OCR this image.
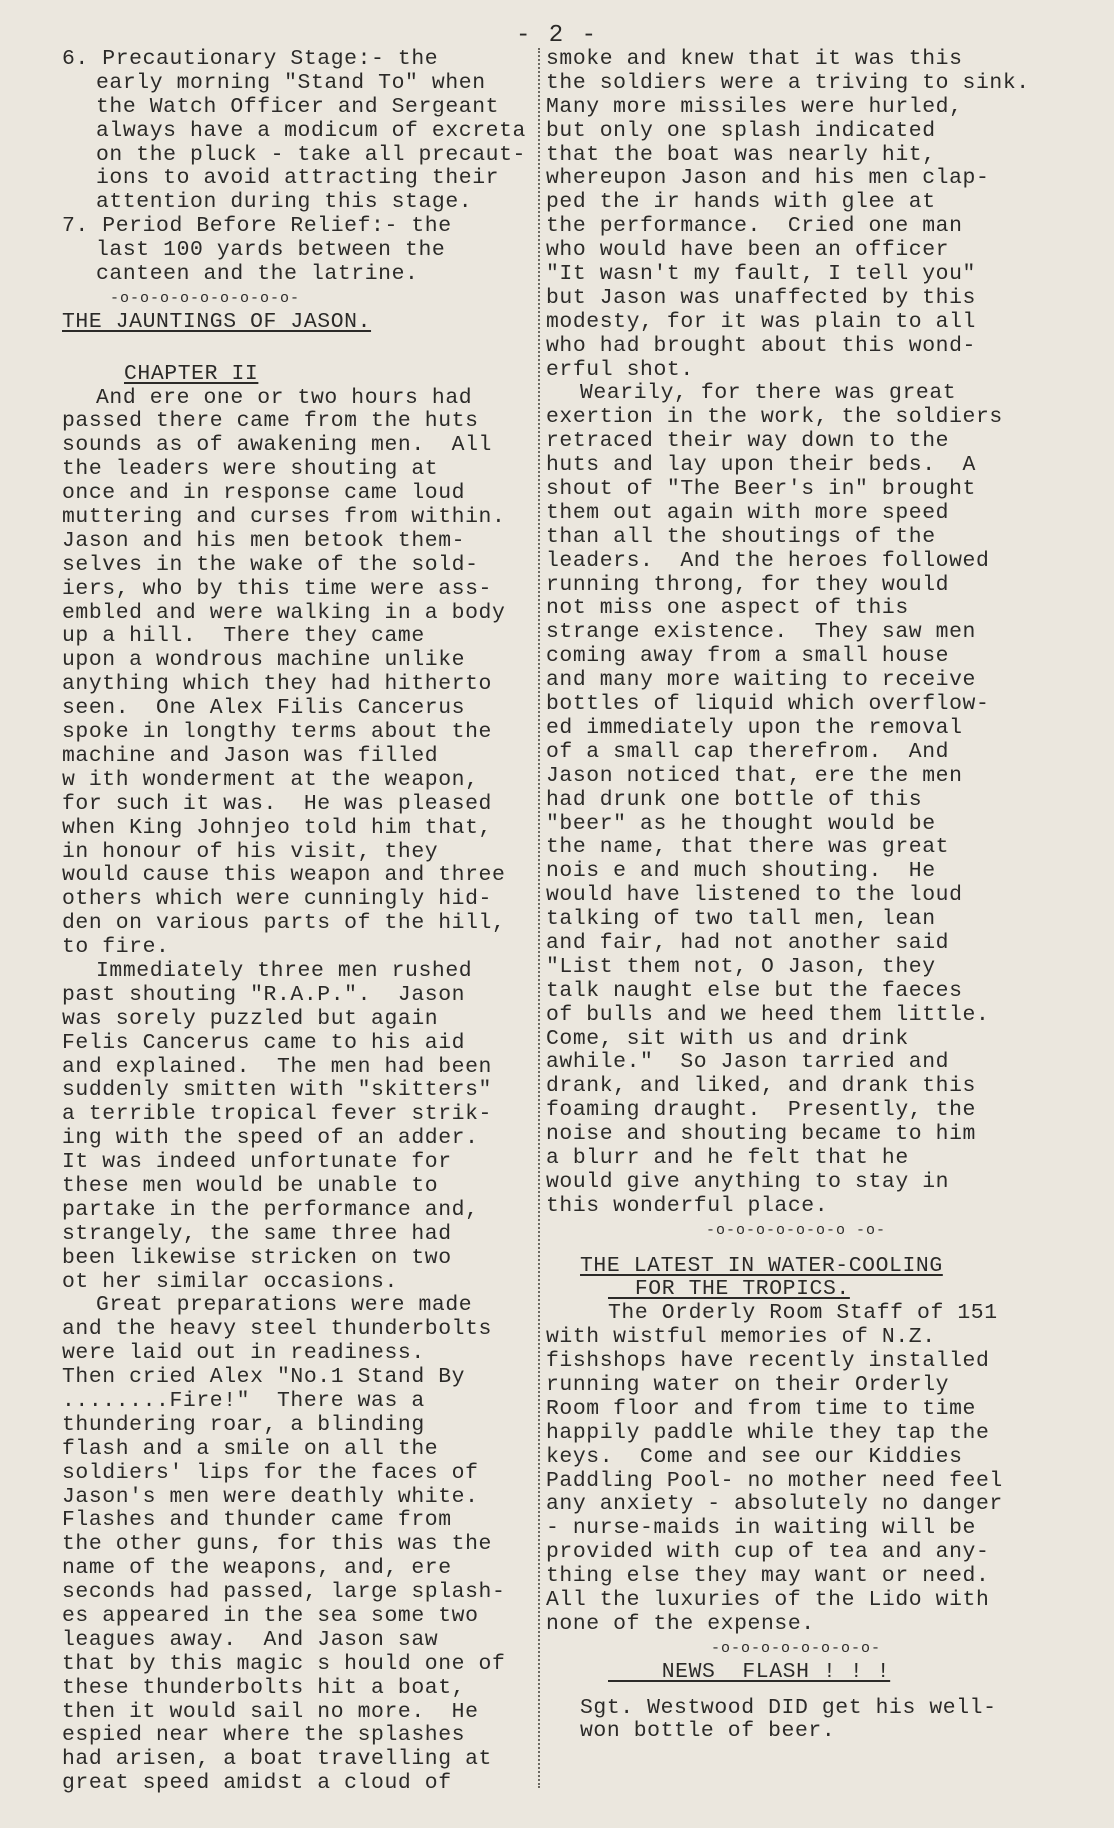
- 2 -
6. Precautionary Stage:- the
early morning "Stand To" when
the Watch Officer and Sergeant
always have a modicum of excreta
on the pluck - take all precaut-
ions to avoid attracting their
attention during this stage.
7. Period Before Relief:- the
last 100 yards between the
canteen and the latrine.
-o-o-o-o-o-o-o-o-o-
THE JAUNTINGS OF JASON.
CHAPTER II
And ere one or two hours had
passed there came from the huts
sounds as of awakening men.  All
the leaders were shouting at
once and in response came loud
muttering and curses from within.
Jason and his men betook them-
selves in the wake of the sold-
iers, who by this time were ass-
embled and were walking in a body
up a hill.  There they came
upon a wondrous machine unlike
anything which they had hitherto
seen.  One Alex Filis Cancerus
spoke in longthy terms about the
machine and Jason was filled
w ith wonderment at the weapon,
for such it was.  He was pleased
when King Johnjeo told him that,
in honour of his visit, they
would cause this weapon and three
others which were cunningly hid-
den on various parts of the hill,
to fire.
Immediately three men rushed
past shouting "R.A.P.".  Jason
was sorely puzzled but again
Felis Cancerus came to his aid
and explained.  The men had been
suddenly smitten with "skitters"
a terrible tropical fever strik-
ing with the speed of an adder.
It was indeed unfortunate for
these men would be unable to
partake in the performance and,
strangely, the same three had
been likewise stricken on two
ot her similar occasions.
Great preparations were made
and the heavy steel thunderbolts
were laid out in readiness.
Then cried Alex "No.1 Stand By
........Fire!"  There was a
thundering roar, a blinding
flash and a smile on all the
soldiers' lips for the faces of
Jason's men were deathly white.
Flashes and thunder came from
the other guns, for this was the
name of the weapons, and, ere
seconds had passed, large splash-
es appeared in the sea some two
leagues away.  And Jason saw
that by this magic s hould one of
these thunderbolts hit a boat,
then it would sail no more.  He
espied near where the splashes
had arisen, a boat travelling at
great speed amidst a cloud of
smoke and knew that it was this
the soldiers were a triving to sink.
Many more missiles were hurled,
but only one splash indicated
that the boat was nearly hit,
whereupon Jason and his men clap-
ped the ir hands with glee at
the performance.  Cried one man
who would have been an officer
"It wasn't my fault, I tell you"
but Jason was unaffected by this
modesty, for it was plain to all
who had brought about this wond-
erful shot.
Wearily, for there was great
exertion in the work, the soldiers
retraced their way down to the
huts and lay upon their beds.  A
shout of "The Beer's in" brought
them out again with more speed
than all the shoutings of the
leaders.  And the heroes followed
running throng, for they would
not miss one aspect of this
strange existence.  They saw men
coming away from a small house
and many more waiting to receive
bottles of liquid which overflow-
ed immediately upon the removal
of a small cap therefrom.  And
Jason noticed that, ere the men
had drunk one bottle of this
"beer" as he thought would be
the name, that there was great
nois e and much shouting.  He
would have listened to the loud
talking of two tall men, lean
and fair, had not another said
"List them not, O Jason, they
talk naught else but the faeces
of bulls and we heed them little.
Come, sit with us and drink
awhile."  So Jason tarried and
drank, and liked, and drank this
foaming draught.  Presently, the
noise and shouting became to him
a blurr and he felt that he
would give anything to stay in
this wonderful place.
-o-o-o-o-o-o-o -o-
THE LATEST IN WATER-COOLING
FOR THE TROPICS.
The Orderly Room Staff of 151
with wistful memories of N.Z.
fishshops have recently installed
running water on their Orderly
Room floor and from time to time
happily paddle while they tap the
keys.  Come and see our Kiddies
Paddling Pool- no mother need feel
any anxiety - absolutely no danger
- nurse-maids in waiting will be
provided with cup of tea and any-
thing else they may want or need.
All the luxuries of the Lido with
none of the expense.
-o-o-o-o-o-o-o-o-
NEWS  FLASH ! ! !
Sgt. Westwood DID get his well-
won bottle of beer.
